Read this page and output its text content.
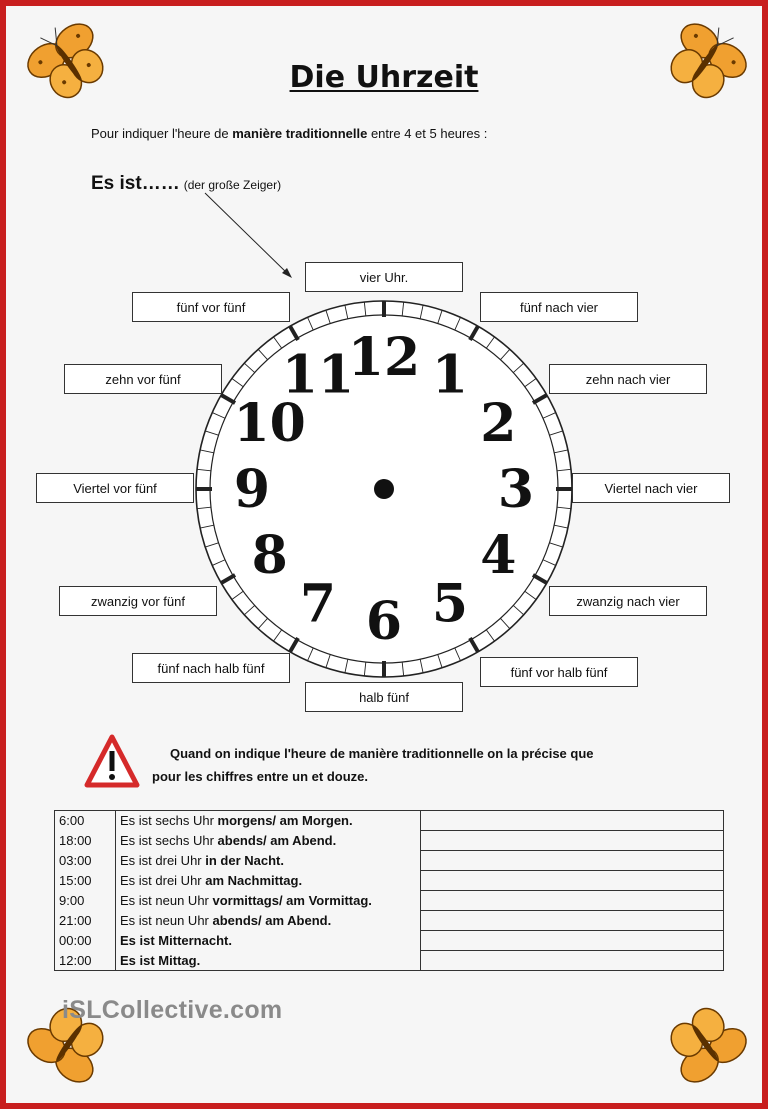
Die Uhrzeit
Pour indiquer l'heure de manière traditionnelle entre 4 et 5 heures :
Es ist…… (der große Zeiger)
12 1
2
3
4
5
6
7
8
9
10
11
vier Uhr.
fünf nach vier
zehn nach vier
Viertel nach vier
zwanzig nach vier
fünf vor halb fünf
halb fünf
fünf nach halb fünf
zwanzig vor fünf
Viertel vor fünf
zehn vor fünf
fünf vor fünf
Quand on indique l'heure de manière traditionnelle on la précise que
pour les chiffres entre un et douze.
6:00	Es ist sechs Uhr morgens/ am Morgen.	
18:00	Es ist sechs Uhr abends/ am Abend.	
03:00	Es ist drei Uhr in der Nacht.	
15:00	Es ist drei Uhr am Nachmittag.	
9:00	Es ist neun Uhr vormittags/ am Vormittag.	
21:00	Es ist neun Uhr abends/ am Abend.	
00:00	Es ist Mitternacht.	
12:00	Es ist Mittag.	
iSLCollective.com
